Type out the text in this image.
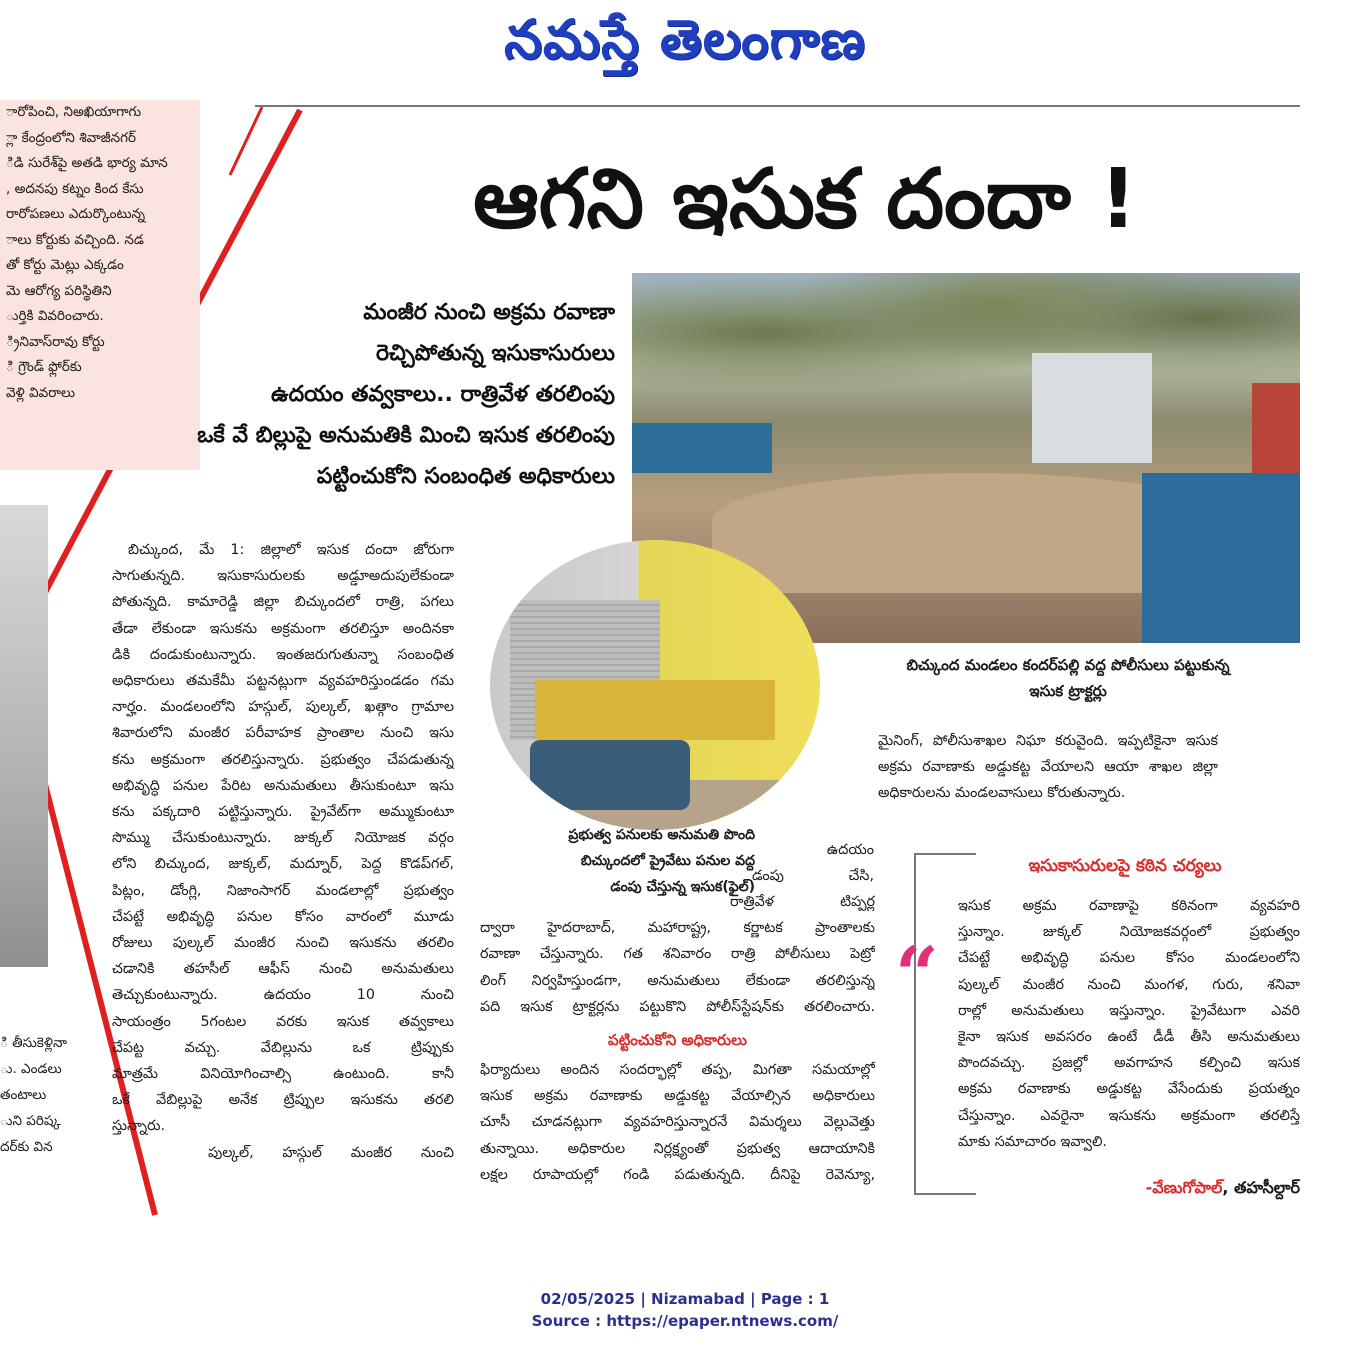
నమస్తే తెలంగాణ
ారోపించి, నిఅఖియాగాగు
్లా కేంద్రంలోని శివాజీనగర్
ిడి సురేశ్‌పై అతడి భార్య మాన
, అదనపు కట్నం కింద కేసు
రారోపణలు ఎదుర్కొంటున్న
ాలు కోర్టుకు వచ్చింది. నడ
తో కోర్టు మెట్లు ఎక్కడం
మె ఆరోగ్య పరిస్థితిని
ుర్తికి వివరించారు.
్రినివాస్‌రావు కోర్టు
ి గ్రౌండ్ ఫ్లోర్‌కు
వెళ్లి వివరాలు
ి తీసుకెళ్లినా
ు. ఎండలు
తంటాలు
ుని పరిష్క
దర్‌కు విన
ఆగని ఇసుక దందా !
మంజీర నుంచి అక్రమ రవాణా
రెచ్చిపోతున్న ఇసుకాసురులు
ఉదయం తవ్వకాలు.. రాత్రివేళ తరలింపు
ఒకే వే బిల్లుపై అనుమతికి మించి ఇసుక తరలింపు
పట్టించుకోని సంబంధిత అధికారులు
బిచ్కుంద మండలం కందర్‌పల్లి వద్ద పోలీసులు పట్టుకున్న
ఇసుక ట్రాక్టర్లు
ప్రభుత్వ పనులకు అనుమతి పొంది
బిచ్కుందలో ప్రైవేటు పనుల వద్ద
డంపు చేస్తున్న ఇసుక(ఫైల్)
బిచ్కుంద, మే 1: జిల్లాలో ఇసుక దందా జోరుగా
సాగుతున్నది. ఇసుకాసురులకు అడ్డూఅదుపులేకుండా
పోతున్నది. కామారెడ్డి జిల్లా బిచ్కుందలో రాత్రి, పగలు
తేడా లేకుండా ఇసుకను అక్రమంగా తరలిస్తూ అందినకా
డికి దండుకుంటున్నారు. ఇంతజరుగుతున్నా సంబంధిత
అధికారులు తమకేమీ పట్టనట్లుగా వ్యవహరిస్తుండడం గమ
నార్హం. మండలంలోని హస్గుల్, పుల్కల్, ఖత్గాం గ్రామాల
శివారులోని మంజీర పరీవాహక ప్రాంతాల నుంచి ఇసు
కను అక్రమంగా తరలిస్తున్నారు. ప్రభుత్వం చేపడుతున్న
అభివృద్ధి పనుల పేరిట అనుమతులు తీసుకుంటూ ఇసు
కను పక్కదారి పట్టిస్తున్నారు. ప్రైవేట్‌గా అమ్ముకుంటూ
సొమ్ము చేసుకుంటున్నారు. జుక్కల్ నియోజక వర్గం
లోని బిచ్కుంద, జుక్కల్, మద్నూర్, పెద్ద కొడప్‌గల్,
పిట్లం, డోంగ్లి, నిజాంసాగర్ మండలాల్లో ప్రభుత్వం
చేపట్టే అభివృద్ధి పనుల కోసం వారంలో మూడు
రోజులు పుల్కల్ మంజీర నుంచి ఇసుకను తరలిం
చడానికి తహసీల్ ఆఫీస్ నుంచి అనుమతులు
తెచ్చుకుంటున్నారు. ఉదయం 10 నుంచి
సాయంత్రం 5గంటల వరకు ఇసుక తవ్వకాలు
చేపట్ట వచ్చు. వేబిల్లును ఒక ట్రిప్పుకు
మాత్రమే వినియోగించాల్సి ఉంటుంది. కానీ
ఒకే వేబిల్లుపై అనేక ట్రిప్పుల ఇసుకను తరలి
స్తున్నారు.
పుల్కల్, హస్గుల్ మంజీర నుంచి
ఉదయం
డంపు చేసి,
రాత్రివేళ టిప్పర్ల
ద్వారా హైదరాబాద్, మహారాష్ట్ర, కర్ణాటక ప్రాంతాలకు
రవాణా చేస్తున్నారు. గత శనివారం రాత్రి పోలీసులు పెట్రో
లింగ్ నిర్వహిస్తుండగా, అనుమతులు లేకుండా తరలిస్తున్న
పది ఇసుక ట్రాక్టర్లను పట్టుకొని పోలీస్‌స్టేషన్‌కు తరలించారు.
పట్టించుకోని అధికారులు
ఫిర్యాదులు అందిన సందర్భాల్లో తప్ప, మిగతా సమయాల్లో
ఇసుక అక్రమ రవాణాకు అడ్డుకట్ట వేయాల్సిన అధికారులు
చూసీ చూడనట్లుగా వ్యవహరిస్తున్నారనే విమర్శలు వెల్లువెత్తు
తున్నాయి. అధికారుల నిర్లక్ష్యంతో ప్రభుత్వ ఆదాయానికి
లక్షల రూపాయల్లో గండి పడుతున్నది. దీనిపై రెవెన్యూ,
మైనింగ్, పోలీసుశాఖల నిఘా కరువైంది. ఇప్పటికైనా ఇసుక
అక్రమ రవాణాకు అడ్డుకట్ట వేయాలని ఆయా శాఖల జిల్లా
అధికారులను మండలవాసులు కోరుతున్నారు.
“
ఇసుకాసురులపై కఠిన చర్యలు
ఇసుక అక్రమ రవాణాపై కఠినంగా వ్యవహరి
స్తున్నాం. జుక్కల్ నియోజకవర్గంలో ప్రభుత్వం
చేపట్టే అభివృద్ధి పనుల కోసం మండలంలోని
పుల్కల్ మంజీర నుంచి మంగళ, గురు, శనివా
రాల్లో అనుమతులు ఇస్తున్నాం. ప్రైవేటుగా ఎవరి
కైనా ఇసుక అవసరం ఉంటే డీడీ తీసి అనుమతులు
పొందవచ్చు. ప్రజల్లో అవగాహన కల్పించి ఇసుక
అక్రమ రవాణాకు అడ్డుకట్ట వేసేందుకు ప్రయత్నం
చేస్తున్నాం. ఎవరైనా ఇసుకను అక్రమంగా తరలిస్తే
మాకు సమాచారం ఇవ్వాలి.
-వేణుగోపాల్, తహసీల్దార్
02/05/2025 | Nizamabad | Page : 1
Source : https://epaper.ntnews.com/
